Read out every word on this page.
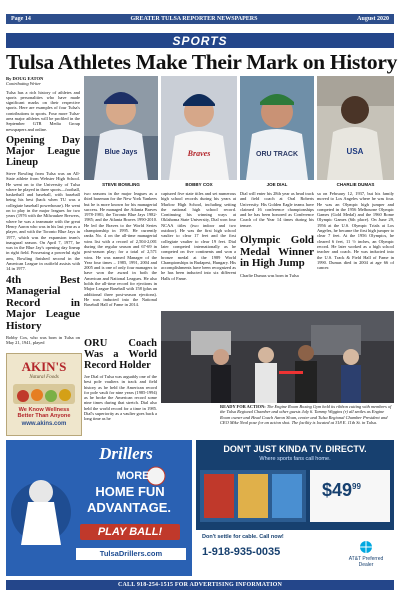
Page 14	GREATER TULSA REPORTER NEWSPAPERS	August 2020
SPORTS
Tulsa Athletes Make Their Mark on History
By DOUG EATON
Contributing Writer

Tulsa has a rich history of athletes and sports personalities who have made significant marks on their respective sports. Here are examples of four Tulsa's contributions to sports. Four more Tulsa-area major athletes will be profiled in the September GTR Media Group newspapers and online.

Opening Day Major League Lineup

Steve Bowling from Tulsa was an All-State athlete from Webster High School. He went on to the University of Tulsa where he played in three sports—football, basketball and baseball, with baseball being his best (back when TU was a collegiate baseball powerhouse). He went on to play in the major leagues for two years (1976 with the Milwaukee Brewers, where he was a teammate with the great Henry Aaron who was in his last year as a player, and with the Toronto Blue Jays in 1977, which was the expansion team's inaugural season. On April 7, 1977, he was in the Blue Jay's opening day lineup in right field. Possessing a powerful right arm, Bowling finished second in the American League in outfield assists with 14 in 1977.

4th Best Managerial Record in Major League History

Bobby Cox, who was born in Tulsa on May 21, 1941, played

Blue Jays	Braves	ORU TRACK	USA
STEVE BOWLING	BOBBY COX	JOE DIAL	CHARLIE DUMAS

two seasons in the major leagues as a third baseman for the New York Yankees but he is more known for his managerial success. He managed the Atlanta Braves 1978-1981; the Toronto Blue Jays 1982-1985; and the Atlanta Braves 1990-2010. He led the Braves to the World Series championship in 1995. He currently ranks No. 4 on the all-time managerial wins list with a record of 2,504-2,001 during the regular season and 67-69 in post-season play; for a total of 2,571 wins. He was named Manager of the Year four times – 1985, 1991, 2004 and 2005 and is one of only four managers to have won the award in both the American and National Leagues. He also holds the all-time record for ejections in Major League Baseball with 158 (plus an additional three post-season ejections). He was inducted into the National Baseball Hall of Fame in 2014.

ORU Coach Was a World Record Holder

Joe Dial of Tulsa was arguably one of the best pole vaulters in track and field history as he held the American record for pole vault for nine years (1985-1994) as he broke the American record some nine times during that stretch. Dial also held the world record for a time in 1985. Dial's superiority as a vaulter goes back a long time as he

captured five state titles and set numerous high school records during his years at Marlow High School, including setting the national high school record. Continuing his winning ways at Oklahoma State University, Dial won four NCAA titles (two indoor and two outdoor). He was the first high school vaulter to clear 17 feet and the first collegiate vaulter to clear 19 feet. Dial later competed internationally as he competed on five continents and won a bronze medal at the 1989 World Championships in Budapest, Hungary. His accomplishments have been recognized as he has been inducted into six different Halls of Fame.

Dial will enter his 28th year as head track and field coach at Oral Roberts University. His Golden Eagle teams have claimed 16 conference championships and he has been honored as Conference Coach of the Year 14 times during his tenure.

Olympic Gold Medal Winner in High Jump

Charlie Dumas was born in Tulsa

sa on February 12, 1937, but his family moved to Los Angeles where he was four. He was an Olympic high jumper and competed in the 1956 Melbourne Olympic Games (Gold Medal) and the 1960 Rome Olympic Games (6th place). On June 29, 1956 at the U.S. Olympic Trials at Los Angeles, he became the first high jumper to clear 7 feet. At the 1956 Olympics, he cleared 6 feet, 11 ½ inches, an Olympic record. He later worked as a high school teacher and coach. He was inducted into the U.S. Track & Field Hall of Fame in 1990. Dumas died in 2004 at age 66 of cancer.

READY FOR ACTION: The Engine Room Boxing Gym held its ribbon cutting with members of the Tulsa Regional Chamber and other guests July 6. Tammy Wiggins (r) all smiles as Engine Room owner and Head Coach Aaron Sloan, center and Tulsa Regional Chamber President and CEO Mike Neal pose for an action shot. The facility is located at 318 E. 11th St. in Tulsa.
AKIN'S
Natural Foods
We Know Wellness
Better Than Anyone
www.akins.com
Drillers
MORE
HOME FUN
ADVANTAGE.
PLAY BALL!
TulsaDrillers.com
DON'T JUST KINDA TV. DIRECTV.
Where sports fans call home.
$\$49^{99}$
Don't settle for cable. Call now!
1-918-935-0035
AT&T Preferred Dealer
CALL 918-254-1515 FOR ADVERTISING INFORMATION
